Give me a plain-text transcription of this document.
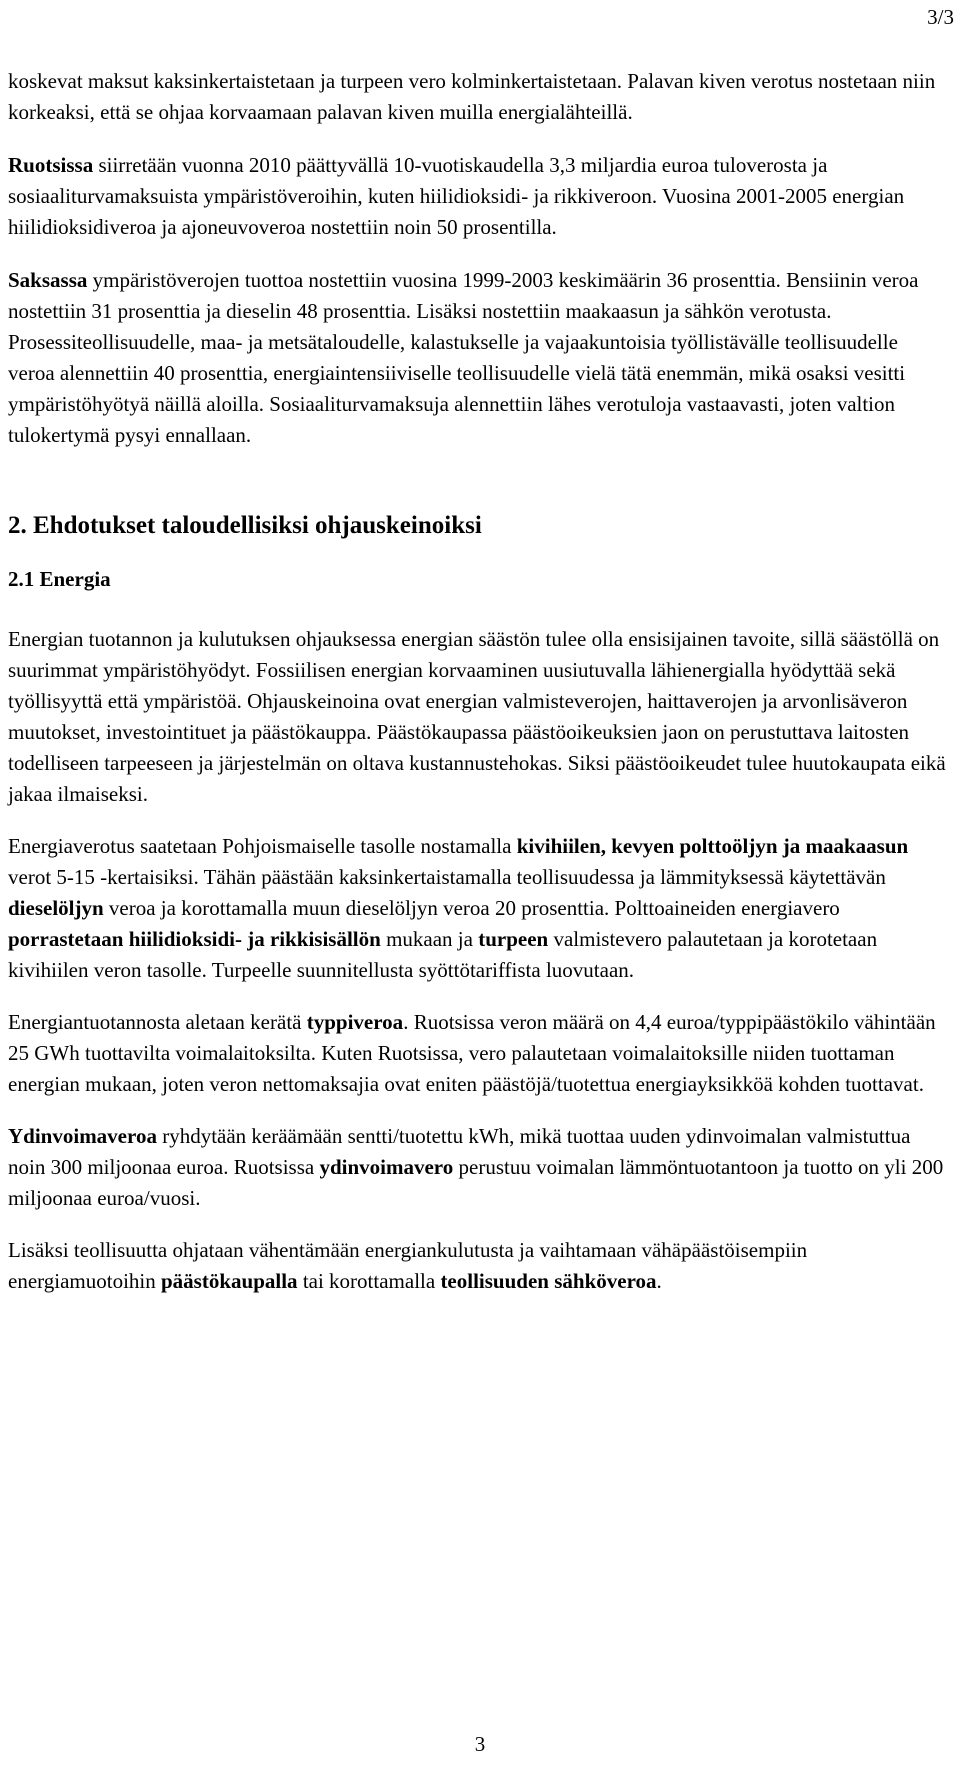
3/3

koskevat maksut kaksinkertaistetaan ja turpeen vero kolminkertaistetaan. Palavan kiven verotus nostetaan niin korkeaksi, että se ohjaa korvaamaan palavan kiven muilla energialähteillä.

Ruotsissa siirretään vuonna 2010 päättyvällä 10-vuotiskaudella 3,3 miljardia euroa tuloverosta ja sosiaaliturvamaksuista ympäristöveroihin, kuten hiilidioksidi- ja rikkiveroon. Vuosina 2001-2005 energian hiilidioksidiveroa ja ajoneuvoveroa nostettiin noin 50 prosentilla.

Saksassa ympäristöverojen tuottoa nostettiin vuosina 1999-2003 keskimäärin 36 prosenttia. Bensiinin veroa nostettiin 31 prosenttia ja dieselin 48 prosenttia. Lisäksi nostettiin maakaasun ja sähkön verotusta. Prosessiteollisuudelle, maa- ja metsätaloudelle, kalastukselle ja vajaakuntoisia työllistävälle teollisuudelle veroa alennettiin 40 prosenttia, energiaintensiiviselle teollisuudelle vielä tätä enemmän, mikä osaksi vesitti ympäristöhyötyä näillä aloilla. Sosiaaliturvamaksuja alennettiin lähes verotuloja vastaavasti, joten valtion tulokertymä pysyi ennallaan.

2. Ehdotukset taloudellisiksi ohjauskeinoiksi
2.1 Energia

Energian tuotannon ja kulutuksen ohjauksessa energian säästön tulee olla ensisijainen tavoite, sillä säästöllä on suurimmat ympäristöhyödyt. Fossiilisen energian korvaaminen uusiutuvalla lähienergialla hyödyttää sekä työllisyyttä että ympäristöä. Ohjauskeinoina ovat energian valmisteverojen, haittaverojen ja arvonlisäveron muutokset, investointituet ja päästökauppa. Päästökaupassa päästöoikeuksien jaon on perustuttava laitosten todelliseen tarpeeseen ja järjestelmän on oltava kustannustehokas. Siksi päästöoikeudet tulee huutokaupata eikä jakaa ilmaiseksi.

Energiaverotus saatetaan Pohjoismaiselle tasolle nostamalla kivihiilen, kevyen polttoöljyn ja maakaasun verot 5-15 -kertaisiksi. Tähän päästään kaksinkertaistamalla teollisuudessa ja lämmityksessä käytettävän dieselöljyn veroa ja korottamalla muun dieselöljyn veroa 20 prosenttia. Polttoaineiden energiavero porrastetaan hiilidioksidi- ja rikkisisällön mukaan ja turpeen valmistevero palautetaan ja korotetaan kivihiilen veron tasolle. Turpeelle suunnitellusta syöttötariffista luovutaan.

Energiantuotannosta aletaan kerätä typpiveroa. Ruotsissa veron määrä on 4,4 euroa/typpipäästökilo vähintään 25 GWh tuottavilta voimalaitoksilta. Kuten Ruotsissa, vero palautetaan voimalaitoksille niiden tuottaman energian mukaan, joten veron nettomaksajia ovat eniten päästöjä/tuotettua energiayksikköä kohden tuottavat.

Ydinvoimaveroa ryhdytään keräämään sentti/tuotettu kWh, mikä tuottaa uuden ydinvoimalan valmistuttua noin 300 miljoonaa euroa. Ruotsissa ydinvoimavero perustuu voimalan lämmöntuotantoon ja tuotto on yli 200 miljoonaa euroa/vuosi.

Lisäksi teollisuutta ohjataan vähentämään energiankulutusta ja vaihtamaan vähäpäästöisempiin energiamuotoihin päästökaupalla tai korottamalla teollisuuden sähköveroa.

3
